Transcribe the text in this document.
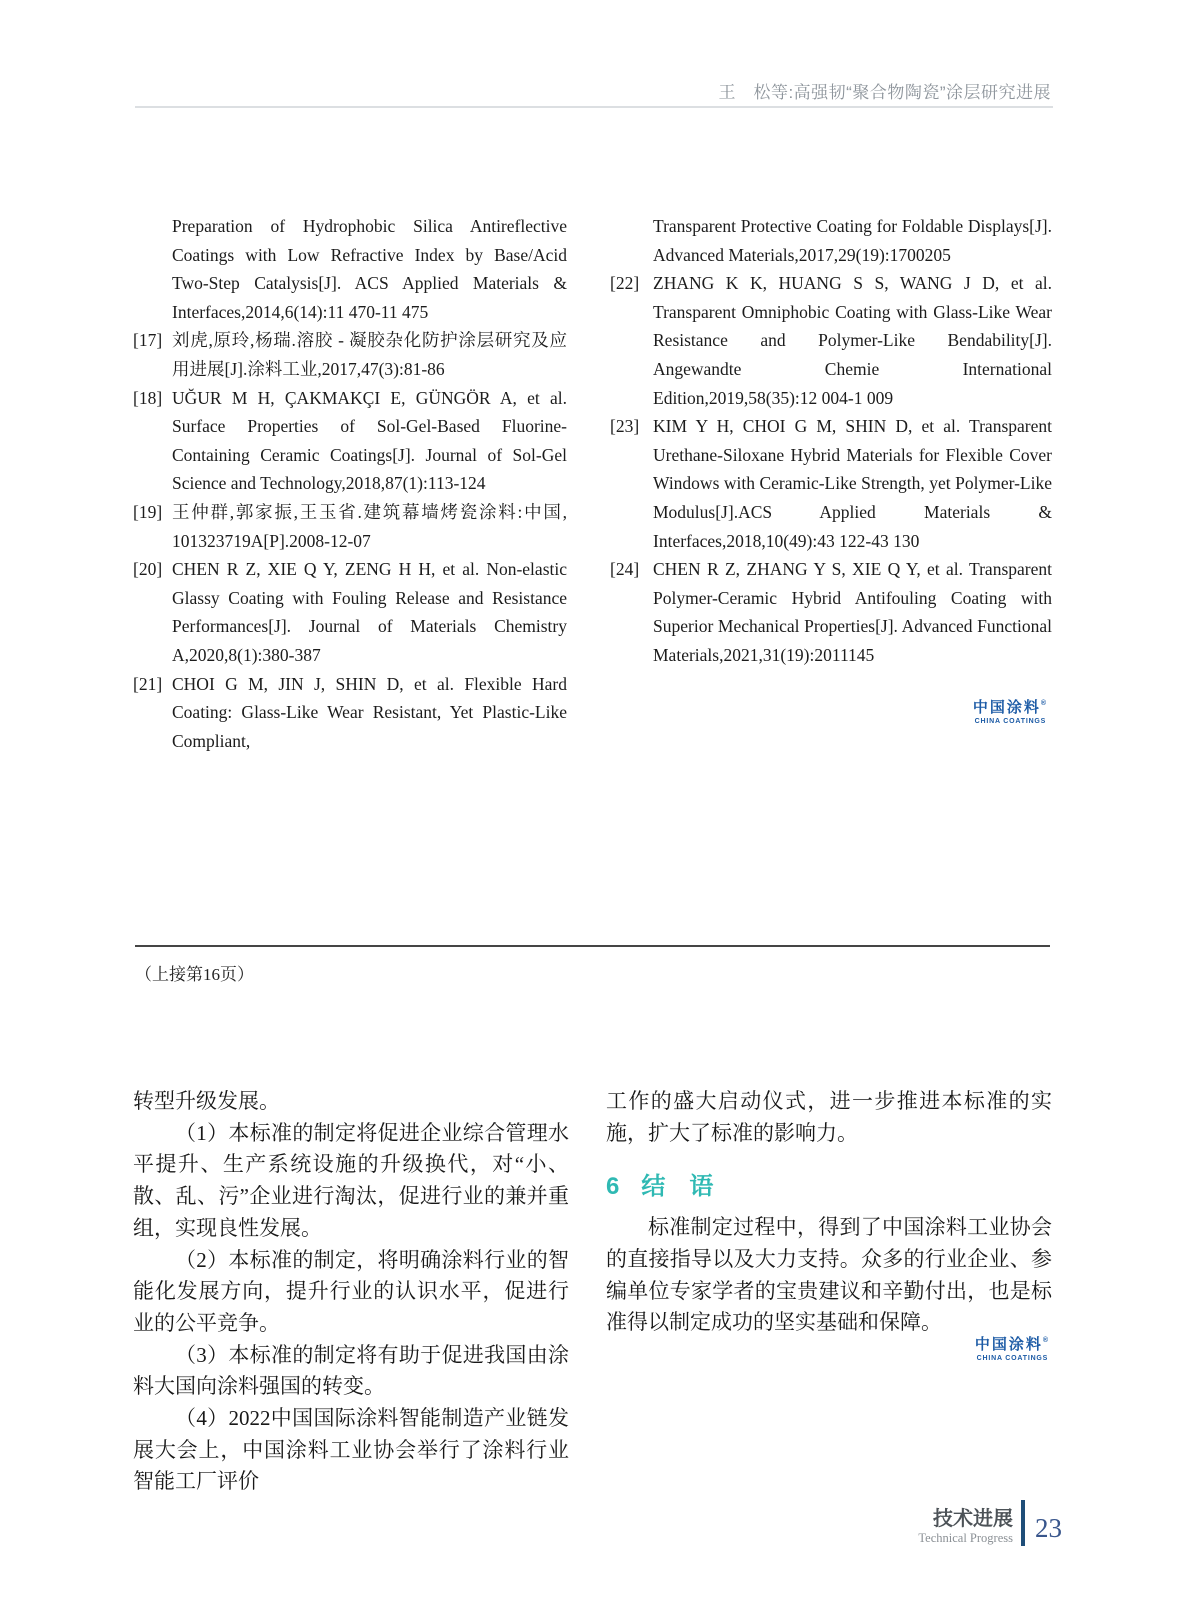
王　松等:高强韧“聚合物陶瓷”涂层研究进展
Preparation of Hydrophobic Silica Antireflective Coatings with Low Refractive Index by Base/Acid Two-Step Catalysis[J]. ACS Applied Materials & Interfaces,2014,6(14):11 470-11 475
[17] 刘虎,原玲,杨瑞.溶胶 - 凝胶杂化防护涂层研究及应用进展[J].涂料工业,2017,47(3):81-86
[18] UĞUR M H, ÇAKMAKÇI E, GÜNGÖR A, et al. Surface Properties of Sol-Gel-Based Fluorine-Containing Ceramic Coatings[J]. Journal of Sol-Gel Science and Technology,2018,87(1):113-124
[19] 王仲群,郭家振,王玉省.建筑幕墙烤瓷涂料:中国, 101323719A[P].2008-12-07
[20] CHEN R Z, XIE Q Y, ZENG H H, et al. Non-elastic Glassy Coating with Fouling Release and Resistance Performances[J]. Journal of Materials Chemistry A,2020,8(1):380-387
[21] CHOI G M, JIN J, SHIN D, et al. Flexible Hard Coating: Glass-Like Wear Resistant, Yet Plastic-Like Compliant,
Transparent Protective Coating for Foldable Displays[J]. Advanced Materials,2017,29(19):1700205
[22] ZHANG K K, HUANG S S, WANG J D, et al. Transparent Omniphobic Coating with Glass-Like Wear Resistance and Polymer-Like Bendability[J]. Angewandte Chemie International Edition,2019,58(35):12 004-1 009
[23] KIM Y H, CHOI G M, SHIN D, et al. Transparent Urethane-Siloxane Hybrid Materials for Flexible Cover Windows with Ceramic-Like Strength, yet Polymer-Like Modulus[J].ACS Applied Materials & Interfaces,2018,10(49):43 122-43 130
[24] CHEN R Z, ZHANG Y S, XIE Q Y, et al. Transparent Polymer-Ceramic Hybrid Antifouling Coating with Superior Mechanical Properties[J]. Advanced Functional Materials,2021,31(19):2011145
中国涂料®
CHINA COATINGS
（上接第16页）

转型升级发展。

（1）本标准的制定将促进企业综合管理水平提升、生产系统设施的升级换代，对“小、散、乱、污”企业进行淘汰，促进行业的兼并重组，实现良性发展。

（2）本标准的制定，将明确涂料行业的智能化发展方向，提升行业的认识水平，促进行业的公平竞争。

（3）本标准的制定将有助于促进我国由涂料大国向涂料强国的转变。

（4）2022中国国际涂料智能制造产业链发展大会上，中国涂料工业协会举行了涂料行业智能工厂评价

工作的盛大启动仪式，进一步推进本标准的实施，扩大了标准的影响力。

6 结　语

标准制定过程中，得到了中国涂料工业协会的直接指导以及大力支持。众多的行业企业、参编单位专家学者的宝贵建议和辛勤付出，也是标准得以制定成功的坚实基础和保障。

中国涂料®
CHINA COATINGS
技术进展
Technical Progress 23
